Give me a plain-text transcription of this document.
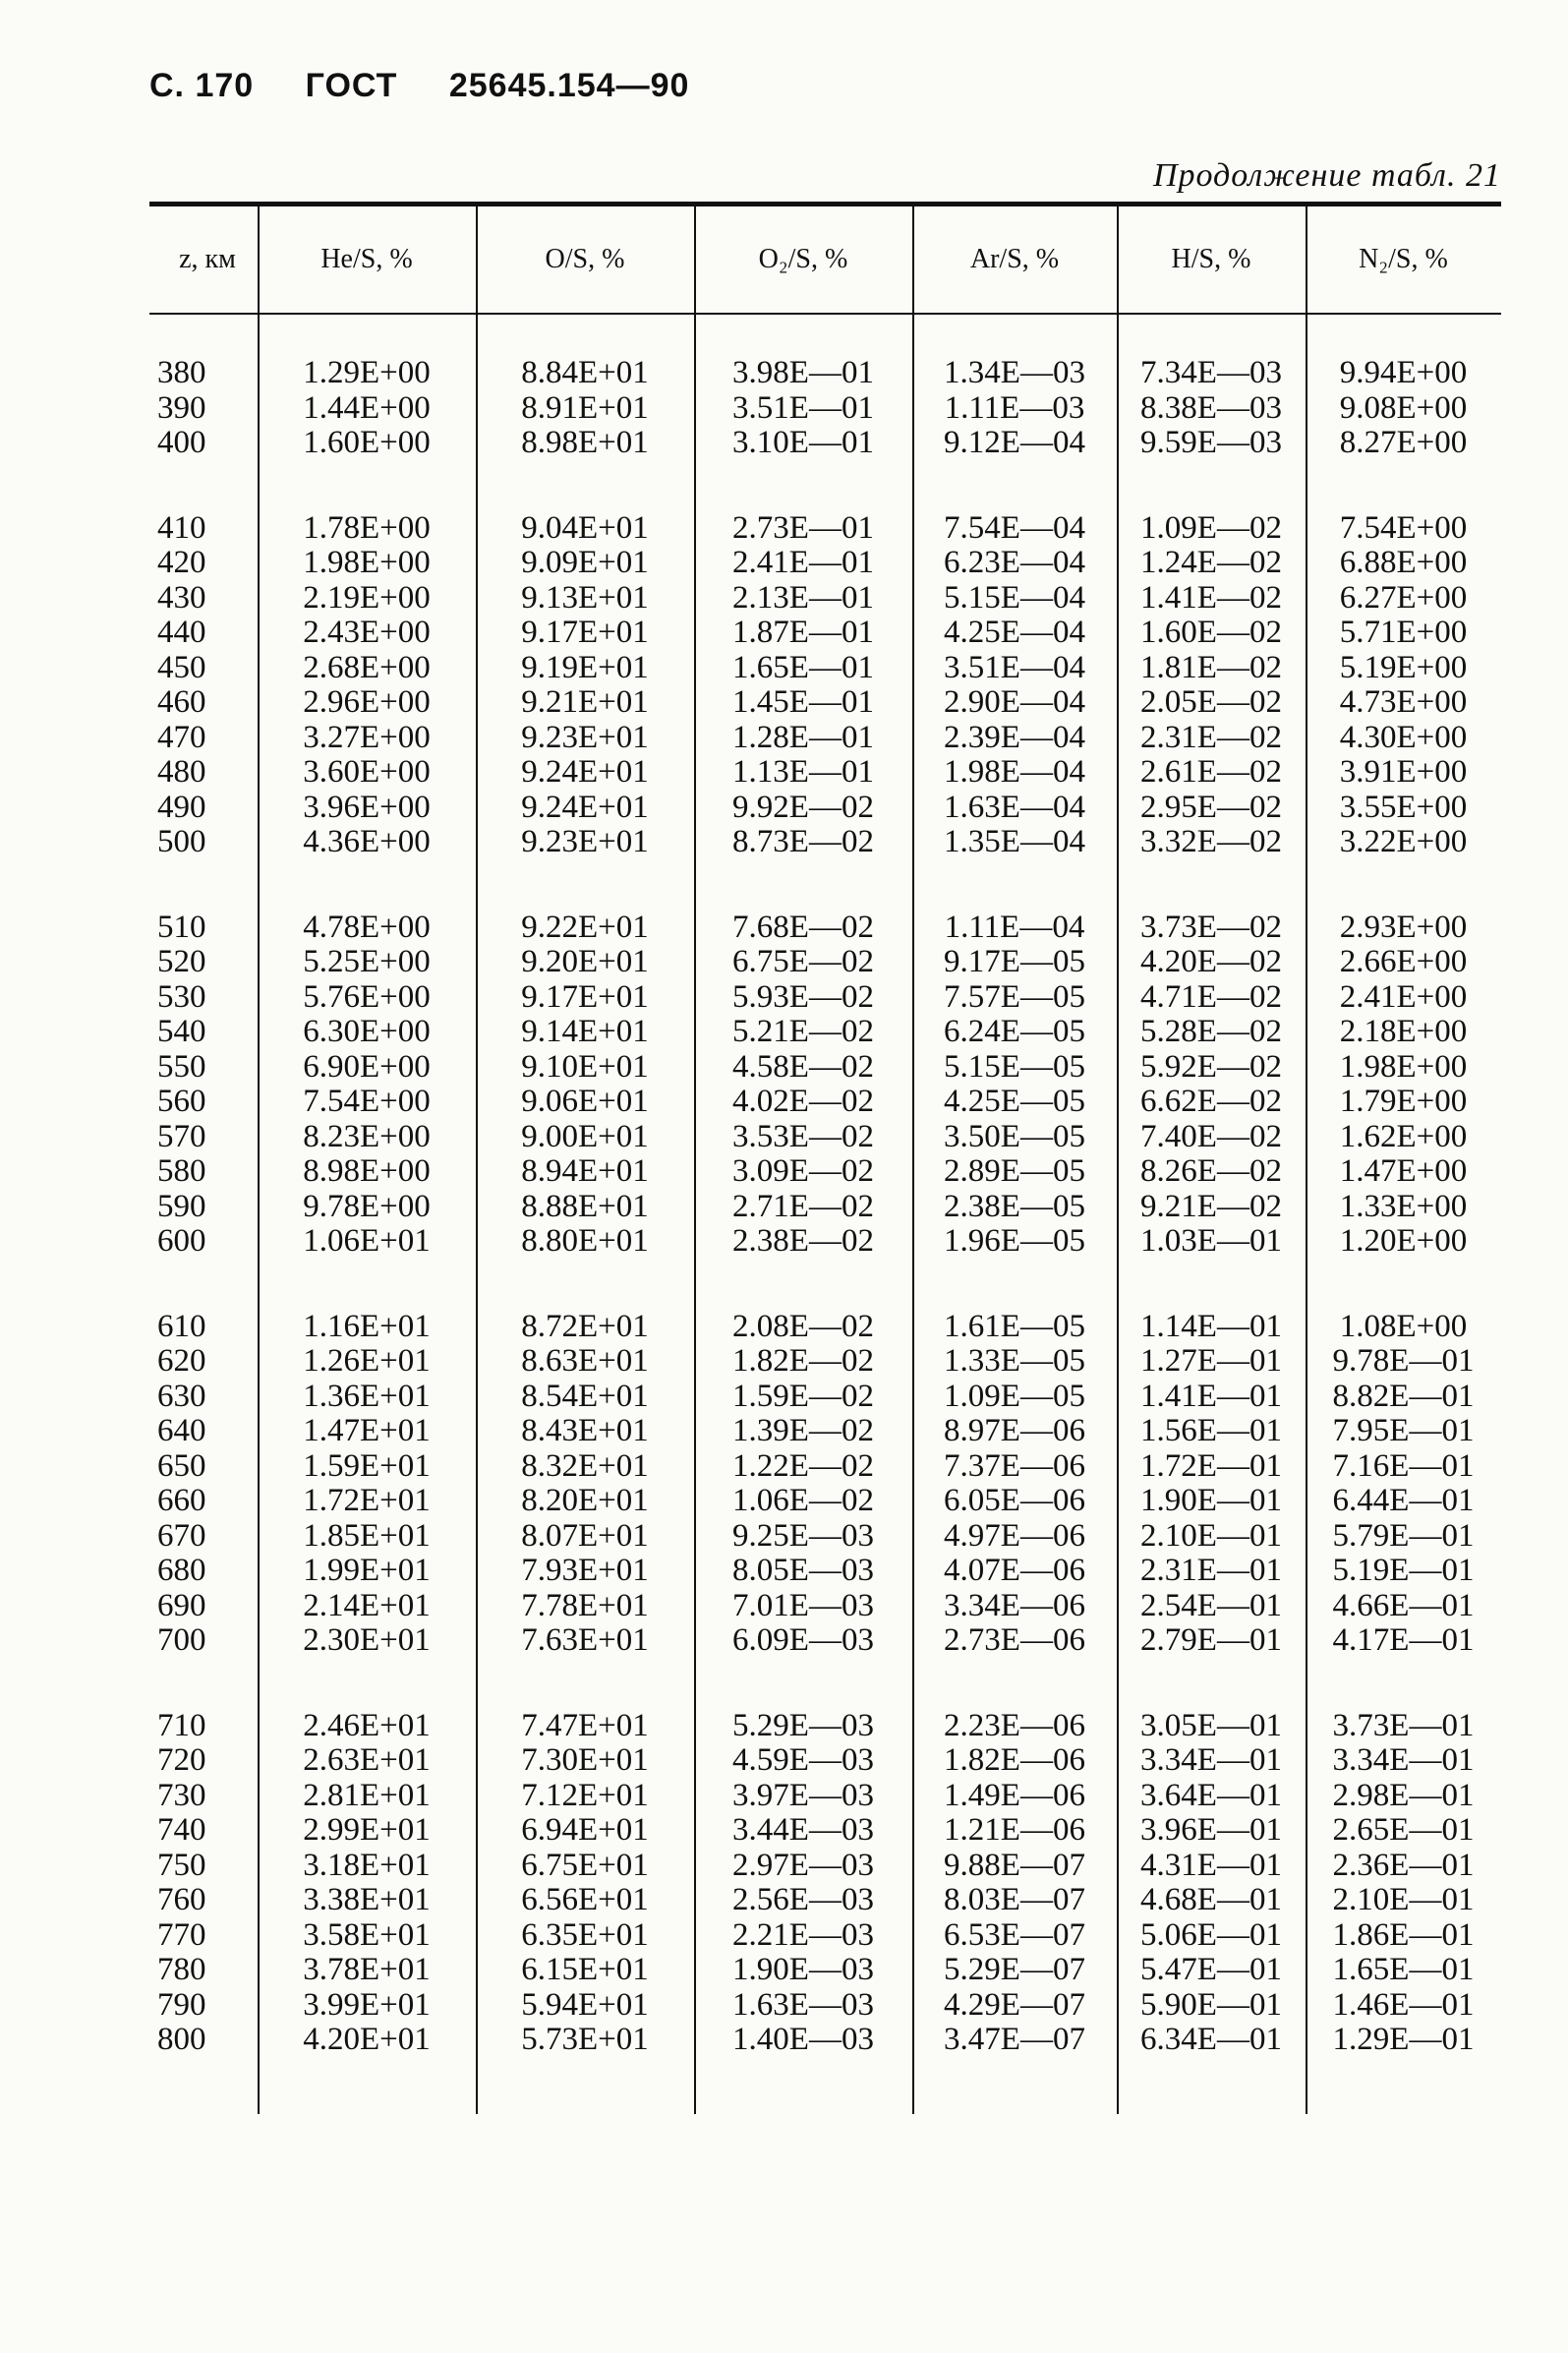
С. 170 ГОСТ 25645.154—90
Продолжение табл. 21
z, км	He/S, %	O/S, %	O₂/S, %	Ar/S, %	H/S, %	N₂/S, %
380	1.29E+00	8.84E+01	3.98E—01	1.34E—03	7.34E—03	9.94E+00
390	1.44E+00	8.91E+01	3.51E—01	1.11E—03	8.38E—03	9.08E+00
400	1.60E+00	8.98E+01	3.10E—01	9.12E—04	9.59E—03	8.27E+00
410	1.78E+00	9.04E+01	2.73E—01	7.54E—04	1.09E—02	7.54E+00
420	1.98E+00	9.09E+01	2.41E—01	6.23E—04	1.24E—02	6.88E+00
430	2.19E+00	9.13E+01	2.13E—01	5.15E—04	1.41E—02	6.27E+00
440	2.43E+00	9.17E+01	1.87E—01	4.25E—04	1.60E—02	5.71E+00
450	2.68E+00	9.19E+01	1.65E—01	3.51E—04	1.81E—02	5.19E+00
460	2.96E+00	9.21E+01	1.45E—01	2.90E—04	2.05E—02	4.73E+00
470	3.27E+00	9.23E+01	1.28E—01	2.39E—04	2.31E—02	4.30E+00
480	3.60E+00	9.24E+01	1.13E—01	1.98E—04	2.61E—02	3.91E+00
490	3.96E+00	9.24E+01	9.92E—02	1.63E—04	2.95E—02	3.55E+00
500	4.36E+00	9.23E+01	8.73E—02	1.35E—04	3.32E—02	3.22E+00
510	4.78E+00	9.22E+01	7.68E—02	1.11E—04	3.73E—02	2.93E+00
520	5.25E+00	9.20E+01	6.75E—02	9.17E—05	4.20E—02	2.66E+00
530	5.76E+00	9.17E+01	5.93E—02	7.57E—05	4.71E—02	2.41E+00
540	6.30E+00	9.14E+01	5.21E—02	6.24E—05	5.28E—02	2.18E+00
550	6.90E+00	9.10E+01	4.58E—02	5.15E—05	5.92E—02	1.98E+00
560	7.54E+00	9.06E+01	4.02E—02	4.25E—05	6.62E—02	1.79E+00
570	8.23E+00	9.00E+01	3.53E—02	3.50E—05	7.40E—02	1.62E+00
580	8.98E+00	8.94E+01	3.09E—02	2.89E—05	8.26E—02	1.47E+00
590	9.78E+00	8.88E+01	2.71E—02	2.38E—05	9.21E—02	1.33E+00
600	1.06E+01	8.80E+01	2.38E—02	1.96E—05	1.03E—01	1.20E+00
610	1.16E+01	8.72E+01	2.08E—02	1.61E—05	1.14E—01	1.08E+00
620	1.26E+01	8.63E+01	1.82E—02	1.33E—05	1.27E—01	9.78E—01
630	1.36E+01	8.54E+01	1.59E—02	1.09E—05	1.41E—01	8.82E—01
640	1.47E+01	8.43E+01	1.39E—02	8.97E—06	1.56E—01	7.95E—01
650	1.59E+01	8.32E+01	1.22E—02	7.37E—06	1.72E—01	7.16E—01
660	1.72E+01	8.20E+01	1.06E—02	6.05E—06	1.90E—01	6.44E—01
670	1.85E+01	8.07E+01	9.25E—03	4.97E—06	2.10E—01	5.79E—01
680	1.99E+01	7.93E+01	8.05E—03	4.07E—06	2.31E—01	5.19E—01
690	2.14E+01	7.78E+01	7.01E—03	3.34E—06	2.54E—01	4.66E—01
700	2.30E+01	7.63E+01	6.09E—03	2.73E—06	2.79E—01	4.17E—01
710	2.46E+01	7.47E+01	5.29E—03	2.23E—06	3.05E—01	3.73E—01
720	2.63E+01	7.30E+01	4.59E—03	1.82E—06	3.34E—01	3.34E—01
730	2.81E+01	7.12E+01	3.97E—03	1.49E—06	3.64E—01	2.98E—01
740	2.99E+01	6.94E+01	3.44E—03	1.21E—06	3.96E—01	2.65E—01
750	3.18E+01	6.75E+01	2.97E—03	9.88E—07	4.31E—01	2.36E—01
760	3.38E+01	6.56E+01	2.56E—03	8.03E—07	4.68E—01	2.10E—01
770	3.58E+01	6.35E+01	2.21E—03	6.53E—07	5.06E—01	1.86E—01
780	3.78E+01	6.15E+01	1.90E—03	5.29E—07	5.47E—01	1.65E—01
790	3.99E+01	5.94E+01	1.63E—03	4.29E—07	5.90E—01	1.46E—01
800	4.20E+01	5.73E+01	1.40E—03	3.47E—07	6.34E—01	1.29E—01
